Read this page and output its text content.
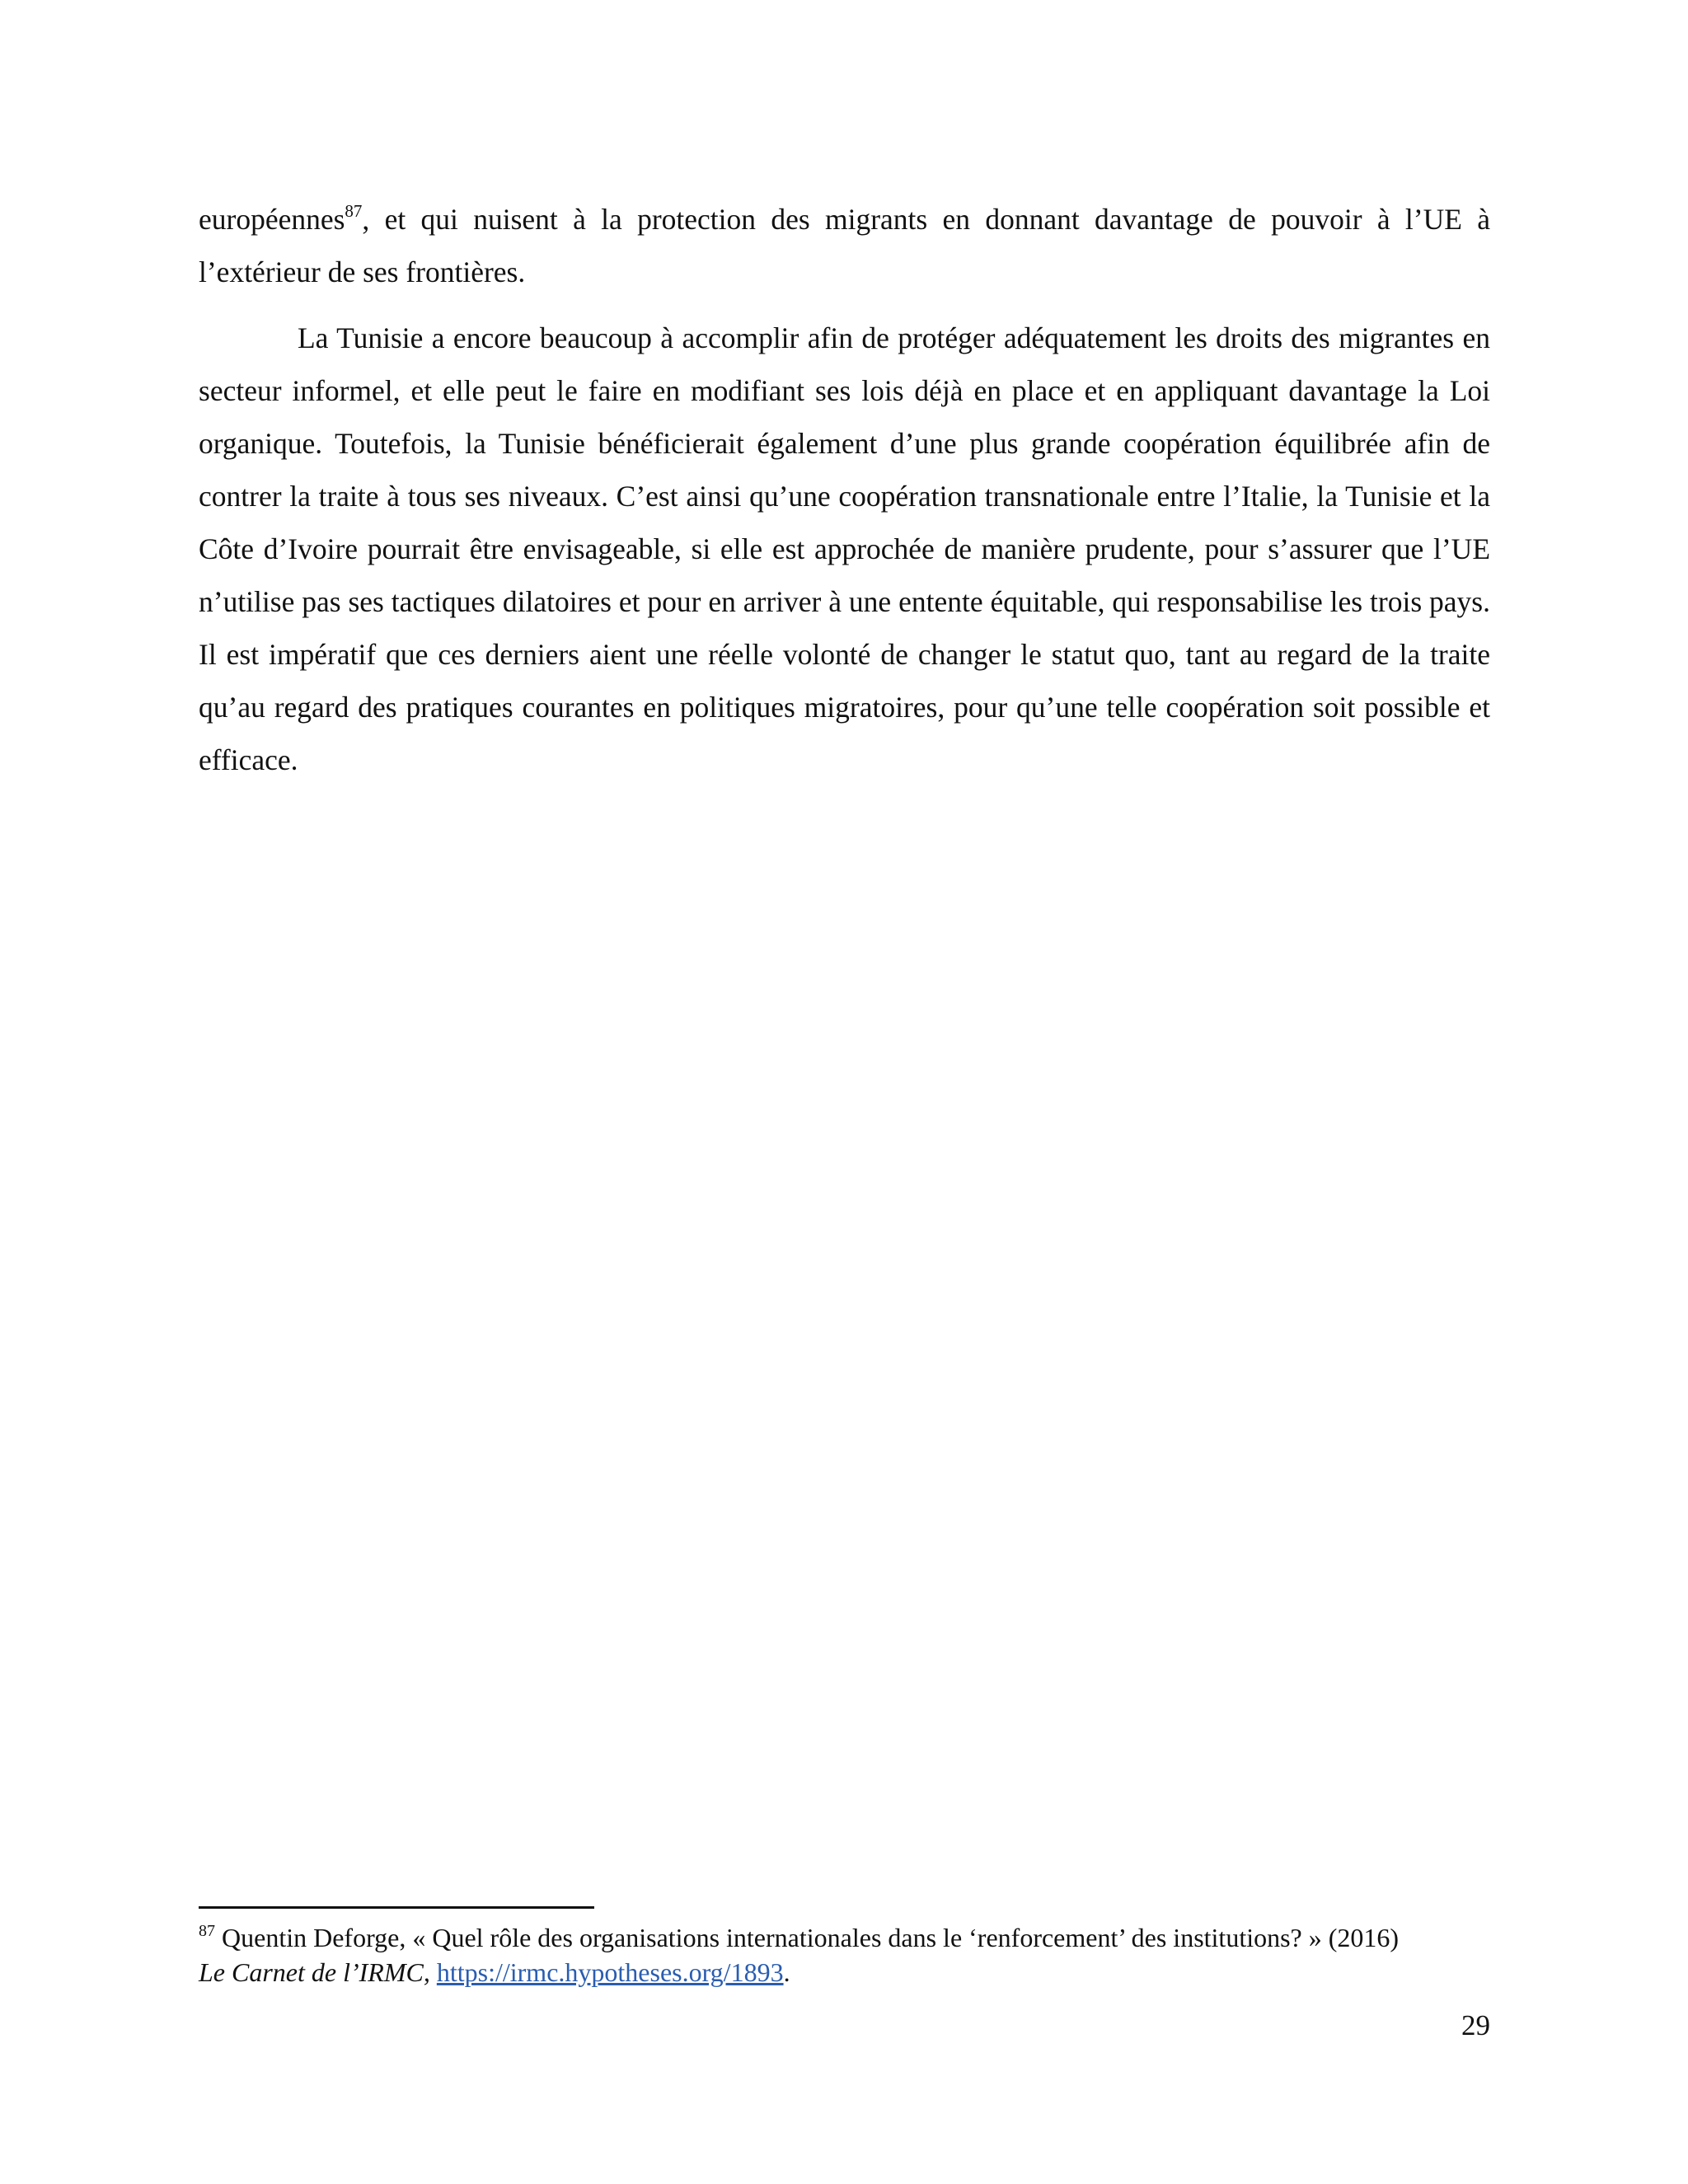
européennes$^{87}$, et qui nuisent à la protection des migrants en donnant davantage de pouvoir à l’UE à l’extérieur de ses frontières.

La Tunisie a encore beaucoup à accomplir afin de protéger adéquatement les droits des migrantes en secteur informel, et elle peut le faire en modifiant ses lois déjà en place et en appliquant davantage la Loi organique. Toutefois, la Tunisie bénéficierait également d’une plus grande coopération équilibrée afin de contrer la traite à tous ses niveaux. C’est ainsi qu’une coopération transnationale entre l’Italie, la Tunisie et la Côte d’Ivoire pourrait être envisageable, si elle est approchée de manière prudente, pour s’assurer que l’UE n’utilise pas ses tactiques dilatoires et pour en arriver à une entente équitable, qui responsabilise les trois pays. Il est impératif que ces derniers aient une réelle volonté de changer le statut quo, tant au regard de la traite qu’au regard des pratiques courantes en politiques migratoires, pour qu’une telle coopération soit possible et efficace.

$^{87}$ Quentin Deforge, « Quel rôle des organisations internationales dans le ‘renforcement’ des institutions? » (2016)
Le Carnet de l’IRMC, https://irmc.hypotheses.org/1893.
29
